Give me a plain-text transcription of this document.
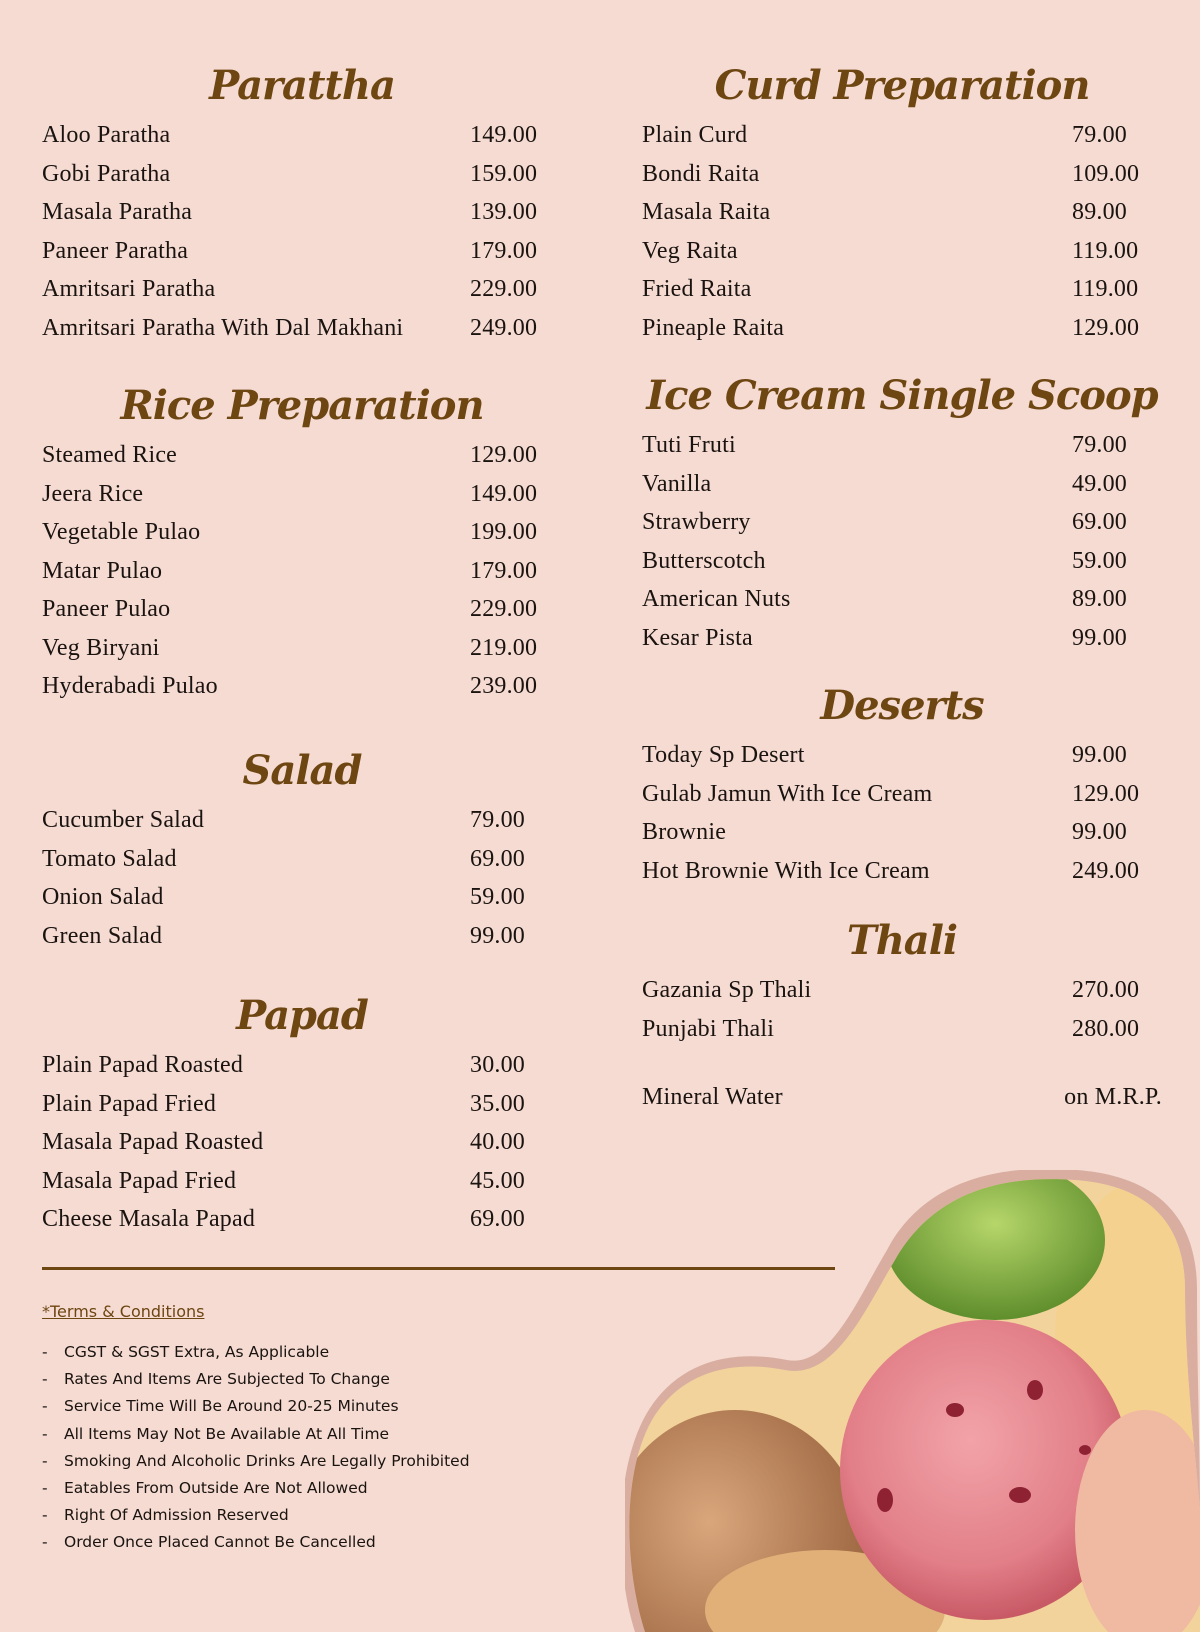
Parattha
Aloo Paratha	149.00
Gobi Paratha	159.00
Masala Paratha	139.00
Paneer Paratha	179.00
Amritsari Paratha	229.00
Amritsari Paratha With Dal Makhani	249.00
Rice Preparation
Steamed Rice	129.00
Jeera Rice	149.00
Vegetable Pulao	199.00
Matar Pulao	179.00
Paneer Pulao	229.00
Veg Biryani	219.00
Hyderabadi Pulao	239.00
Salad
Cucumber Salad	79.00
Tomato Salad	69.00
Onion Salad	59.00
Green Salad	99.00
Papad
Plain Papad Roasted	30.00
Plain Papad Fried	35.00
Masala Papad Roasted	40.00
Masala Papad Fried	45.00
Cheese Masala Papad	69.00
Curd Preparation
Plain Curd	79.00
Bondi Raita	109.00
Masala Raita	89.00
Veg Raita	119.00
Fried Raita	119.00
Pineaple Raita	129.00
Ice Cream Single Scoop
Tuti Fruti	79.00
Vanilla	49.00
Strawberry	69.00
Butterscotch	59.00
American Nuts	89.00
Kesar Pista	99.00
Deserts
Today Sp Desert	99.00
Gulab Jamun With Ice Cream	129.00
Brownie	99.00
Hot Brownie With Ice Cream	249.00
Thali
Gazania Sp Thali	270.00
Punjabi Thali	280.00
Mineral Water	on M.R.P.
*Terms & Conditions
-	CGST & SGST Extra, As Applicable
-	Rates And Items Are Subjected To Change
-	Service Time Will Be Around 20-25 Minutes
-	All Items May Not Be Available At All Time
-	Smoking And Alcoholic Drinks Are Legally Prohibited
-	Eatables From Outside Are Not Allowed
-	Right Of Admission Reserved
-	Order Once Placed Cannot Be Cancelled
